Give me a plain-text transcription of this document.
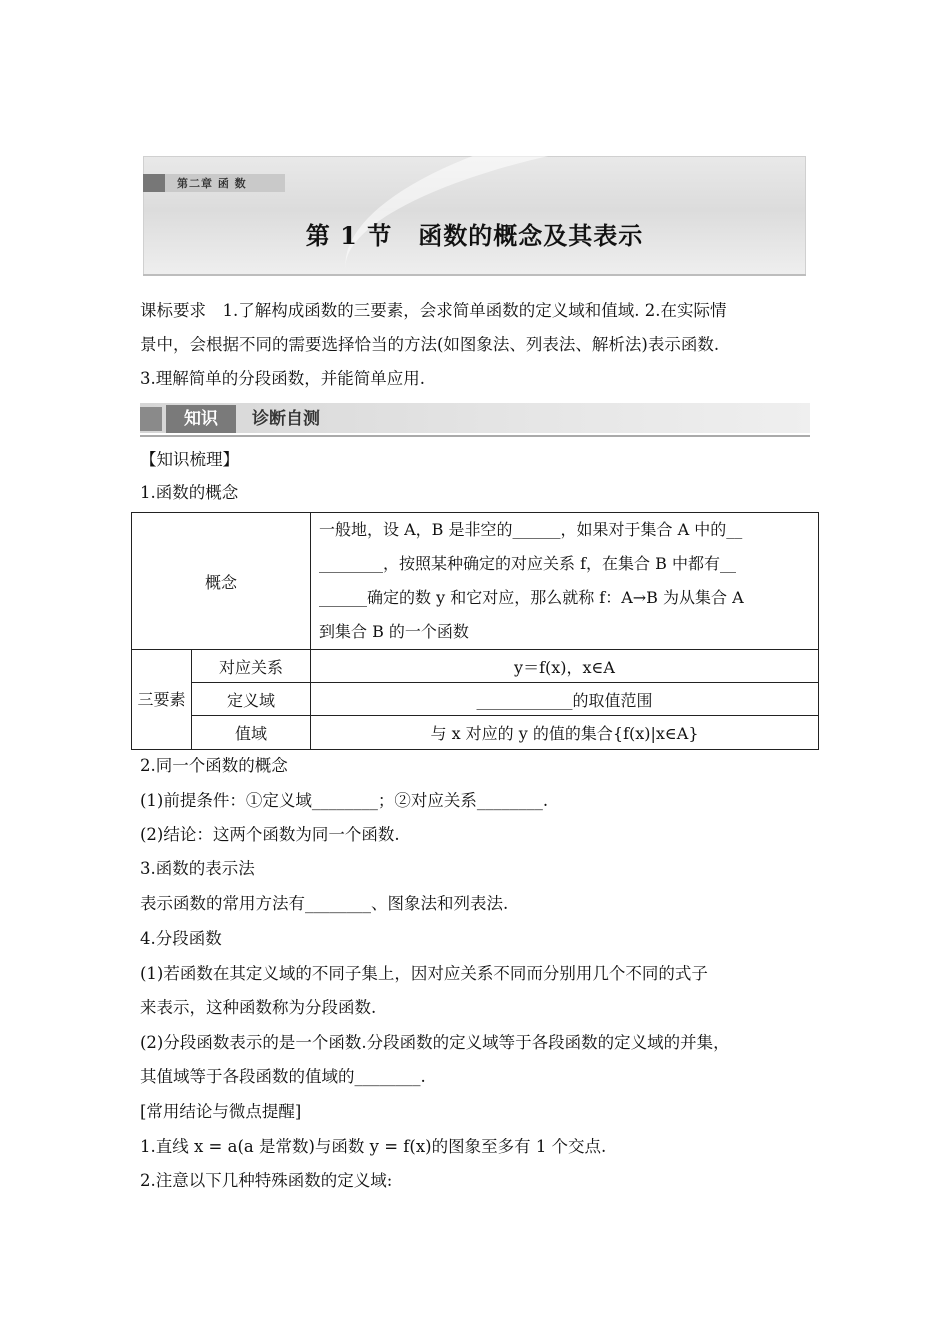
第二章 函 数
第 1 节 函数的概念及其表示
课标要求　1.了解构成函数的三要素，会求简单函数的定义域和值域. 2.在实际情
景中，会根据不同的需要选择恰当的方法(如图象法、列表法、解析法)表示函数.
3.理解简单的分段函数，并能简单应用.
知识	诊断自测
【知识梳理】
1.函数的概念
概念		一般地，设 A，B 是非空的______，如果对于集合 A 中的__
________，按照某种确定的对应关系 f，在集合 B 中都有__
______确定的数 y 和它对应，那么就称 f：A→B 为从集合 A
到集合 B 的一个函数

三要素	对应关系	y＝f(x)，x∈A
	定义域	____________的取值范围
	值域	与 x 对应的 y 的值的集合{f(x)|x∈A}
2.同一个函数的概念
(1)前提条件：①定义域________；②对应关系________.
(2)结论：这两个函数为同一个函数.
3.函数的表示法
表示函数的常用方法有________、图象法和列表法.
4.分段函数
(1)若函数在其定义域的不同子集上，因对应关系不同而分别用几个不同的式子
来表示，这种函数称为分段函数.
(2)分段函数表示的是一个函数.分段函数的定义域等于各段函数的定义域的并集，
其值域等于各段函数的值域的________.
[常用结论与微点提醒]
1.直线 x = a(a 是常数)与函数 y = f(x)的图象至多有 1 个交点.
2.注意以下几种特殊函数的定义域:
